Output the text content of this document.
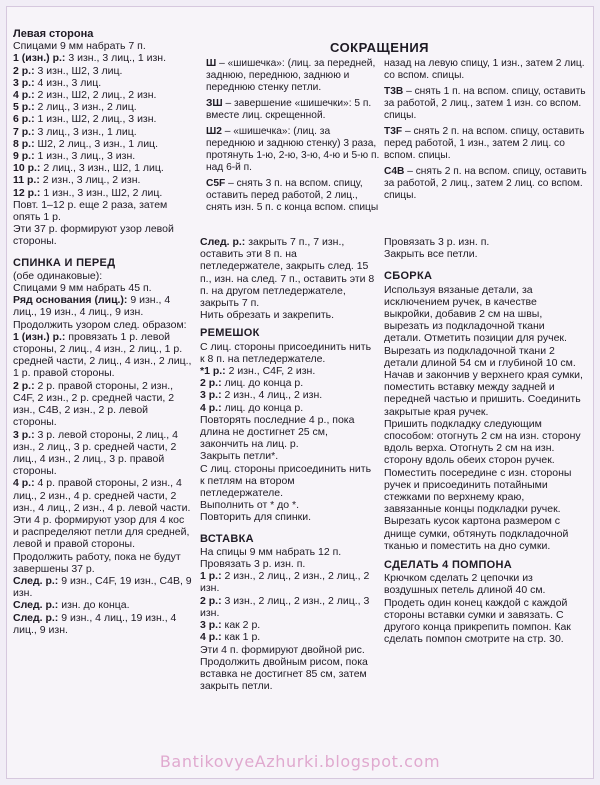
Левая сторона

Спицами 9 мм набрать 7 п.

1 (изн.) р.: 3 изн., 3 лиц., 1 изн.

2 р.: 3 изн., Ш2, 3 лиц.

3 р.: 4 изн., 3 лиц.

4 р.: 2 изн., Ш2, 2 лиц., 2 изн.

5 р.: 2 лиц., 3 изн., 2 лиц.

6 р.: 1 изн., Ш2, 2 лиц., 3 изн.

7 р.: 3 лиц., 3 изн., 1 лиц.

8 р.: Ш2, 2 лиц., 3 изн., 1 лиц.

9 р.: 1 изн., 3 лиц., 3 изн.

10 р.: 2 лиц., 3 изн., Ш2, 1 лиц.

11 р.: 2 изн., 3 лиц., 2 изн.

12 р.: 1 изн., 3 изн., Ш2, 2 лиц.

Повт. 1–12 р. еще 2 раза, затем опять 1 р.

Эти 37 р. формируют узор левой стороны.

СПИНКА И ПЕРЕД

(обе одинаковые):

Спицами 9 мм набрать 45 п.

Ряд основания (лиц.): 9 изн., 4 лиц., 19 изн., 4 лиц., 9 изн.

Продолжить узором след. образом:

1 (изн.) р.: провязать 1 р. левой стороны, 2 лиц., 4 изн., 2 лиц., 1 р. средней части, 2 лиц., 4 изн., 2 лиц., 1 р. правой стороны.

2 р.: 2 р. правой стороны, 2 изн., C4F, 2 изн., 2 р. средней части, 2 изн., C4B, 2 изн., 2 р. левой стороны.

3 р.: 3 р. левой стороны, 2 лиц., 4 изн., 2 лиц., 3 р. средней части, 2 лиц., 4 изн., 2 лиц., 3 р. правой стороны.

4 р.: 4 р. правой стороны, 2 изн., 4 лиц., 2 изн., 4 р. средней части, 2 изн., 4 лиц., 2 изн., 4 р. левой части.

Эти 4 р. формируют узор для 4 кос и распределяют петли для средней, левой и правой стороны.

Продолжить работу, пока не будут завершены 37 р.

След. р.: 9 изн., C4F, 19 изн., C4B, 9 изн.

След. р.: изн. до конца.

След. р.: 9 изн., 4 лиц., 19 изн., 4 лиц., 9 изн.

СОКРАЩЕНИЯ

Ш – «шишечка»: (лиц. за передней, заднюю, переднюю, заднюю и переднюю стенку петли.

ЗШ – завершение «шишечки»: 5 п. вместе лиц. скрещенной.

Ш2 – «шишечка»: (лиц. за переднюю и заднюю стенку) 3 раза, протянуть 1-ю, 2-ю, 3-ю, 4-ю и 5-ю п. над 6-й п.

C5F – снять 3 п. на вспом. спицу, оставить перед работой, 2 лиц., снять изн. 5 п. с конца вспом. спицы

назад на левую спицу, 1 изн., затем 2 лиц. со вспом. спицы.

T3B – снять 1 п. на вспом. спицу, оставить за работой, 2 лиц., затем 1 изн. со вспом. спицы.

T3F – снять 2 п. на вспом. спицу, оставить перед работой, 1 изн., затем 2 лиц. со вспом. спицы.

C4B – снять 2 п. на вспом. спицу, оставить за работой, 2 лиц., затем 2 лиц. со вспом. спицы.

След. р.: закрыть 7 п., 7 изн., оставить эти 8 п. на петледержателе, закрыть след. 15 п., изн. на след. 7 п., оставить эти 8 п. на другом петледержателе, закрыть 7 п.

Нить обрезать и закрепить.

РЕМЕШОК

С лиц. стороны присоединить нить к 8 п. на петледержателе.

*1 р.: 2 изн., C4F, 2 изн.

2 р.: лиц. до конца р.

3 р.: 2 изн., 4 лиц., 2 изн.

4 р.: лиц. до конца р.

Повторять последние 4 р., пока длина не достигнет 25 см, закончить на лиц. р.

Закрыть петли*.

С лиц. стороны присоединить нить к петлям на втором петледержателе.

Выполнить от * до *.

Повторить для спинки.

ВСТАВКА

На спицы 9 мм набрать 12 п.

Провязать 3 р. изн. п.

1 р.: 2 изн., 2 лиц., 2 изн., 2 лиц., 2 изн.

2 р.: 3 изн., 2 лиц., 2 изн., 2 лиц., 3 изн.

3 р.: как 2 р.

4 р.: как 1 р.

Эти 4 п. формируют двойной рис. Продолжить двойным рисом, пока вставка не достигнет 85 см, затем закрыть петли.

Провязать 3 р. изн. п.

Закрыть все петли.

СБОРКА

Используя вязаные детали, за исключением ручек, в качестве выкройки, добавив 2 см на швы, вырезать из подкладочной ткани детали. Отметить позиции для ручек. Вырезать из подкладочной ткани 2 детали длиной 54 см и глубиной 10 см.

Начав и закончив у верхнего края сумки, поместить вставку между задней и передней частью и пришить. Соединить закрытые края ручек.

Пришить подкладку следующим способом: отогнуть 2 см на изн. сторону вдоль верха. Отогнуть 2 см на изн. сторону вдоль обеих сторон ручек. Поместить посередине с изн. стороны ручек и присоединить потайными стежками по верхнему краю, завязанные концы подкладки ручек. Вырезать кусок картона размером с днище сумки, обтянуть подкладочной тканью и поместить на дно сумки.

СДЕЛАТЬ 4 ПОМПОНА

Крючком сделать 2 цепочки из воздушных петель длиной 40 см. Продеть один конец каждой с каждой стороны вставки сумки и завязать. С другого конца прикрепить помпон. Как сделать помпон смотрите на стр. 30.

BantikovyeAzhurki.blogspot.com
